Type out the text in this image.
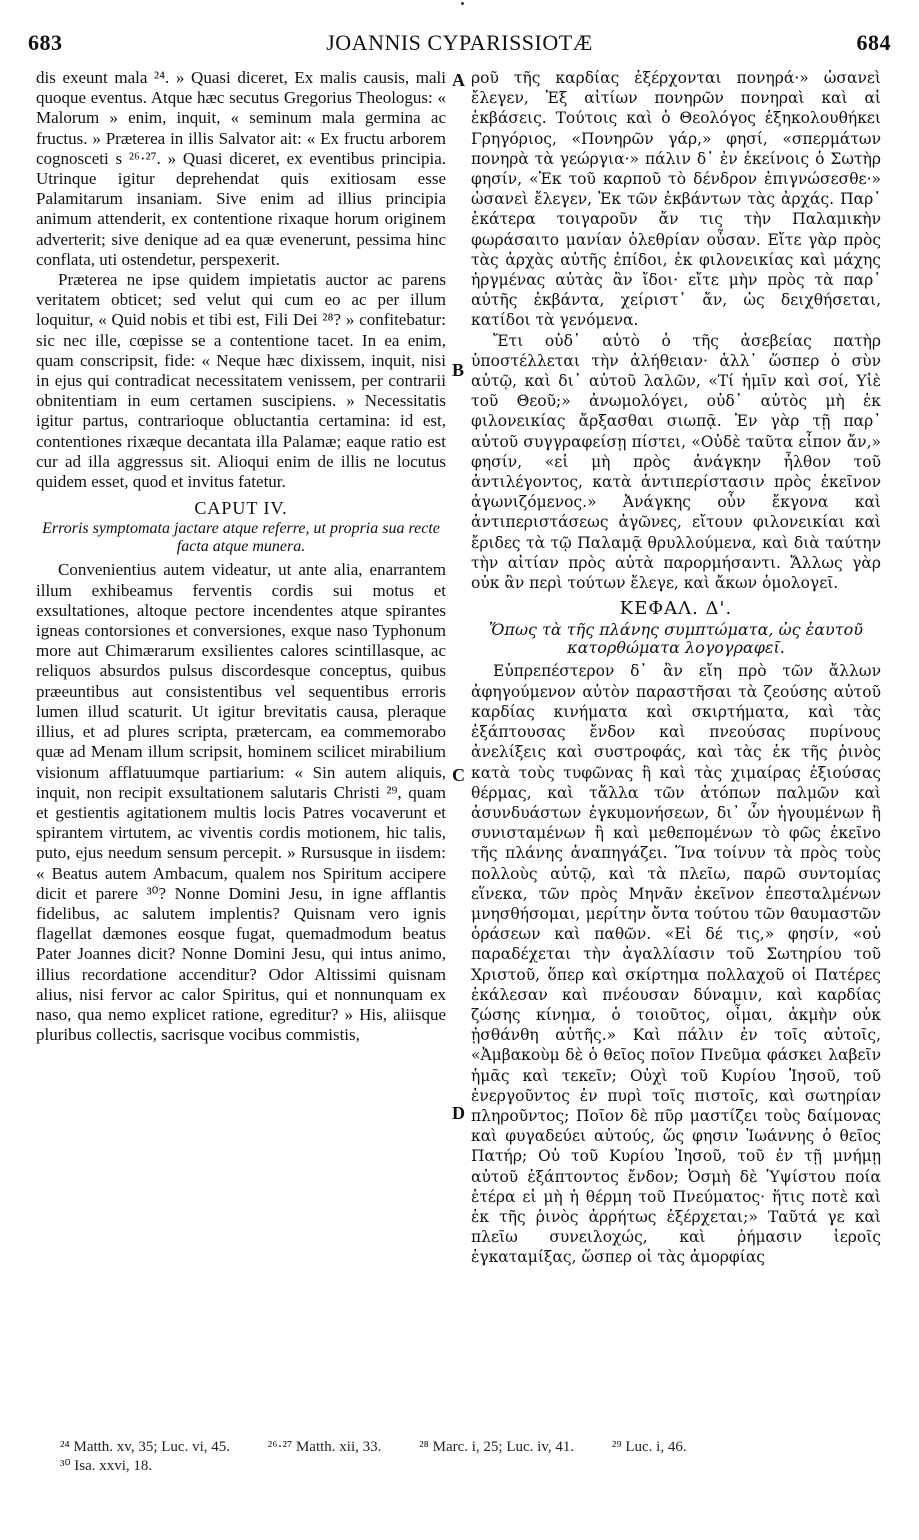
683	JOANNIS CYPARISSIOTÆ	684

dis exeunt mala ²⁴. » Quasi diceret, Ex malis causis, mali quoque eventus. Atque hæc secutus Gregorius Theologus: « Malorum » enim, inquit, « seminum mala germina ac fructus. » Præterea in illis Salvator ait: « Ex fructu arborem cognosceti s ²⁶·²⁷. » Quasi diceret, ex eventibus principia. Utrinque igitur deprehendat quis exitiosam esse Palamitarum insaniam. Sive enim ad illius principia animum attenderit, ex contentione rixaque horum originem adverterit; sive denique ad ea quæ evenerunt, pessima hinc conflata, uti ostendetur, perspexerit.

Præterea ne ipse quidem impietatis auctor ac parens veritatem obticet; sed velut qui cum eo ac per illum loquitur, « Quid nobis et tibi est, Fili Dei ²⁸? » confitebatur: sic nec ille, cœpisse se a contentione tacet. In ea enim, quam conscripsit, fide: « Neque hæc dixissem, inquit, nisi in ejus qui contradicat necessitatem venissem, per contrarii obnitentiam in eum certamen suscipiens. » Necessitatis igitur partus, contrarioque obluctantia certamina: id est, contentiones rixæque decantata illa Palamæ; eaque ratio est cur ad illa aggressus sit. Alioqui enim de illis ne locutus quidem esset, quod et invitus fatetur.

CAPUT IV.
Erroris symptomata jactare atque referre, ut propria sua recte facta atque munera.

Convenientius autem videatur, ut ante alia, enarrantem illum exhibeamus ferventis cordis sui motus et exsultationes, altoque pectore incendentes atque spirantes igneas contorsiones et conversiones, exque naso Typhonum more aut Chimærarum exsilientes calores scintillasque, ac reliquos absurdos pulsus discordesque conceptus, quibus præeuntibus aut consistentibus vel sequentibus erroris lumen illud scaturit. Ut igitur brevitatis causa, pleraque illius, et ad plures scripta, prætercam, ea commemorabo quæ ad Menam illum scripsit, hominem scilicet mirabilium visionum afflatuumque partiarium: « Sin autem aliquis, inquit, non recipit exsultationem salutaris Christi ²⁹, quam et gestientis agitationem multis locis Patres vocaverunt et spirantem virtutem, ac viventis cordis motionem, hic talis, puto, ejus needum sensum percepit. » Rursusque in iisdem: « Beatus autem Ambacum, qualem nos Spiritum accipere dicit et parere ³⁰? Nonne Domini Jesu, in igne afflantis fidelibus, ac salutem implentis? Quisnam vero ignis flagellat dæmones eosque fugat, quemadmodum beatus Pater Joannes dicit? Nonne Domini Jesu, qui intus animo, illius recordatione accenditur? Odor Altissimi quisnam alius, nisi fervor ac calor Spiritus, qui et nonnunquam ex naso, qua nemo explicet ratione, egreditur? » His, aliisque pluribus collectis, sacrisque vocibus commistis,

A
B
C
D

ροῦ τῆς καρδίας ἐξέρχονται πονηρά·» ὡσανεὶ ἔλεγεν, Ἐξ αἰτίων πονηρῶν πονηραὶ καὶ αἱ ἐκβάσεις. Τούτοις καὶ ὁ Θεολόγος ἐξηκολουθήκει Γρηγόριος, «Πονηρῶν γάρ,» φησί, «σπερμάτων πονηρὰ τὰ γεώργια·» πάλιν δ᾽ ἐν ἐκείνοις ὁ Σωτὴρ φησίν, «Ἐκ τοῦ καρποῦ τὸ δένδρον ἐπιγνώσεσθε·» ὡσανεὶ ἔλεγεν, Ἐκ τῶν ἐκβάντων τὰς ἀρχάς. Παρ᾽ ἑκάτερα τοιγαροῦν ἄν τις τὴν Παλαμικὴν φωράσαιτο μανίαν ὀλεθρίαν οὖσαν. Εἴτε γὰρ πρὸς τὰς ἀρχὰς αὐτῆς ἐπίδοι, ἐκ φιλονεικίας καὶ μάχης ἠργμένας αὐτὰς ἂν ἴδοι· εἴτε μὴν πρὸς τὰ παρ᾽ αὐτῆς ἐκβάντα, χείριστ᾽ ἄν, ὡς δειχθήσεται, κατίδοι τὰ γενόμενα.

Ἔτι οὐδ᾽ αὐτὸ ὁ τῆς ἀσεβείας πατὴρ ὑποστέλλεται τὴν ἀλήθειαν· ἀλλ᾽ ὥσπερ ὁ σὺν αὐτῷ, καὶ δι᾽ αὐτοῦ λαλῶν, «Τί ἡμῖν καὶ σοί, Υἱὲ τοῦ Θεοῦ;» ἀνωμολόγει, οὐδ᾽ αὐτὸς μὴ ἐκ φιλονεικίας ἄρξασθαι σιωπᾷ. Ἐν γὰρ τῇ παρ᾽ αὐτοῦ συγγραφείσῃ πίστει, «Οὐδὲ ταῦτα εἶπον ἄν,» φησίν, «εἰ μὴ πρὸς ἀνάγκην ἦλθον τοῦ ἀντιλέγοντος, κατὰ ἀντιπερίστασιν πρὸς ἐκεῖνον ἀγωνιζόμενος.» Ἀνάγκης οὖν ἔκγονα καὶ ἀντιπεριστάσεως ἀγῶνες, εἴτουν φιλονεικίαι καὶ ἔριδες τὰ τῷ Παλαμᾷ θρυλλούμενα, καὶ διὰ ταύτην τὴν αἰτίαν πρὸς αὐτὰ παρορμήσαντι. Ἄλλως γὰρ οὐκ ἂν περὶ τούτων ἔλεγε, καὶ ἄκων ὁμολογεῖ.

ΚΕΦΑΛ. Δ'.
Ὅπως τὰ τῆς πλάνης συμπτώματα, ὡς ἑαυτοῦ κατορθώματα λογογραφεῖ.

Εὐπρεπέστερον δ᾽ ἂν εἴη πρὸ τῶν ἄλλων ἀφηγούμενον αὐτὸν παραστῆσαι τὰ ζεούσης αὐτοῦ καρδίας κινήματα καὶ σκιρτήματα, καὶ τὰς ἐξάπτουσας ἔνδον καὶ πνεούσας πυρίνους ἀνελίξεις καὶ συστροφάς, καὶ τὰς ἐκ τῆς ῥινὸς κατὰ τοὺς τυφῶνας ἢ καὶ τὰς χιμαίρας ἐξιούσας θέρμας, καὶ τἄλλα τῶν ἀτόπων παλμῶν καὶ ἀσυνδυάστων ἐγκυμονήσεων, δι᾽ ὧν ἡγουμένων ἢ συνισταμένων ἢ καὶ μεθεπομένων τὸ φῶς ἐκεῖνο τῆς πλάνης ἀναπηγάζει. Ἵνα τοίνυν τὰ πρὸς τοὺς πολλοὺς αὐτῷ, καὶ τὰ πλεῖω, παρῶ συντομίας εἵνεκα, τῶν πρὸς Μηνᾶν ἐκεῖνον ἐπεσταλμένων μνησθήσομαι, μερίτην ὄντα τούτου τῶν θαυμαστῶν ὁράσεων καὶ παθῶν. «Εἰ δέ τις,» φησίν, «οὐ παραδέχεται τὴν ἀγαλλίασιν τοῦ Σωτηρίου τοῦ Χριστοῦ, ὅπερ καὶ σκίρτημα πολλαχοῦ οἱ Πατέρες ἐκάλεσαν καὶ πνέουσαν δύναμιν, καὶ καρδίας ζώσης κίνημα, ὁ τοιοῦτος, οἶμαι, ἀκμὴν οὐκ ᾐσθάνθη αὐτῆς.» Καὶ πάλιν ἐν τοῖς αὐτοῖς, «Ἀμβακοὺμ δὲ ὁ θεῖος ποῖον Πνεῦμα φάσκει λαβεῖν ἡμᾶς καὶ τεκεῖν; Οὐχὶ τοῦ Κυρίου Ἰησοῦ, τοῦ ἐνεργοῦντος ἐν πυρὶ τοῖς πιστοῖς, καὶ σωτηρίαν πληροῦντος; Ποῖον δὲ πῦρ μαστίζει τοὺς δαίμονας καὶ φυγαδεύει αὐτούς, ὥς φησιν Ἰωάννης ὁ θεῖος Πατήρ; Οὐ τοῦ Κυρίου Ἰησοῦ, τοῦ ἐν τῇ μνήμῃ αὐτοῦ ἐξάπτοντος ἔνδον; Ὀσμὴ δὲ Ὑψίστου ποία ἑτέρα εἰ μὴ ἡ θέρμη τοῦ Πνεύματος· ἥτις ποτὲ καὶ ἐκ τῆς ῥινὸς ἀρρήτως ἐξέρχεται;» Ταῦτά γε καὶ πλεῖω συνειλοχώς, καὶ ῥήμασιν ἱεροῖς ἐγκαταμίξας, ὥσπερ οἱ τὰς ἀμορφίας

²⁴ Matth. xv, 35; Luc. vi, 45.	²⁶·²⁷ Matth. xii, 33.	²⁸ Marc. i, 25; Luc. iv, 41.	²⁹ Luc. i, 46.
³⁰ Isa. xxvi, 18.
